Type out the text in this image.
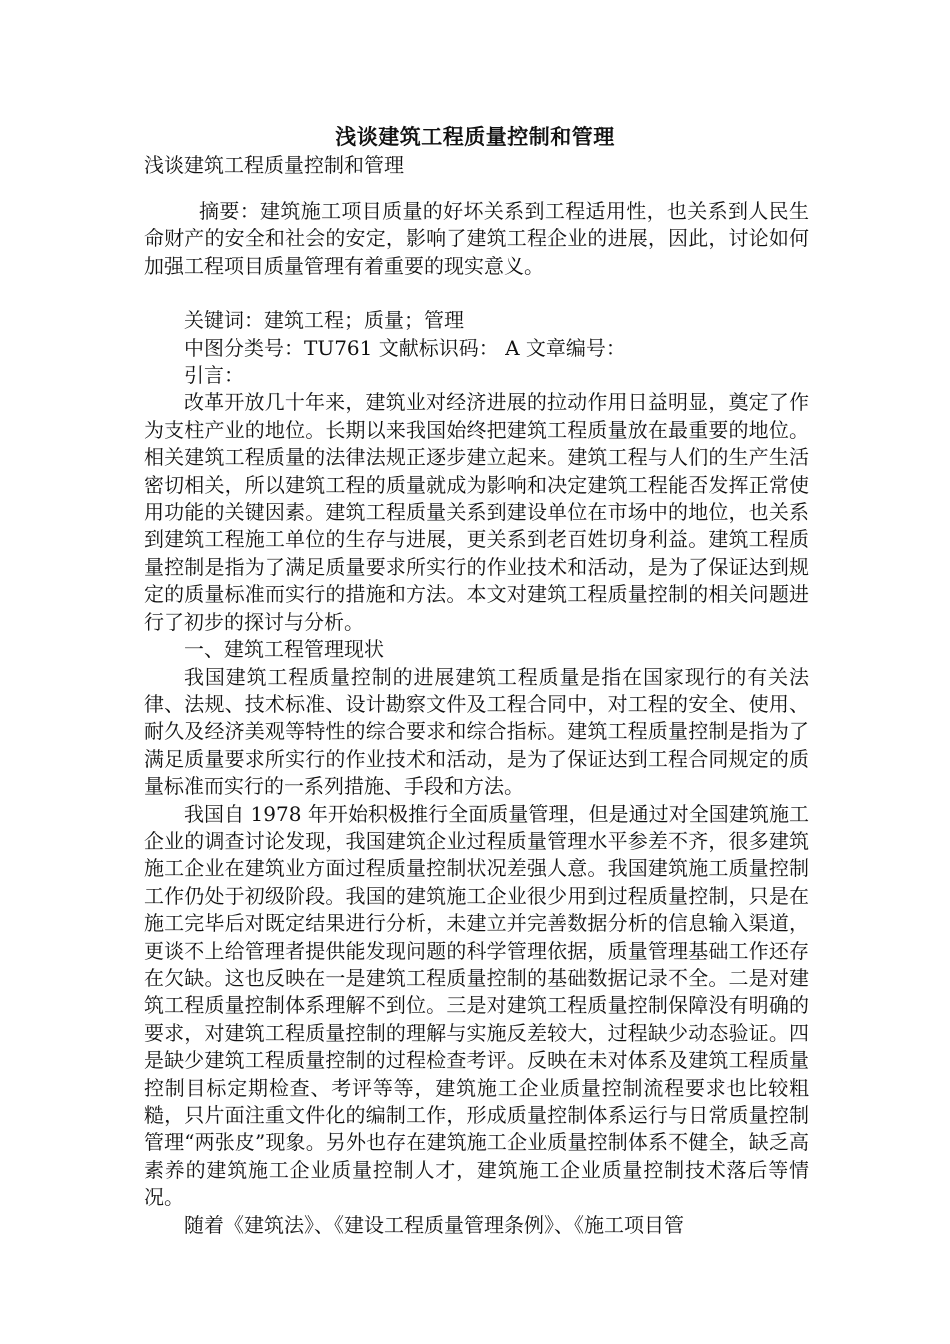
浅谈建筑工程质量控制和管理
浅谈建筑工程质量控制和管理

摘要：建筑施工项目质量的好坏关系到工程适用性，也关系到人民生命财产的安全和社会的安定，影响了建筑工程企业的进展，因此，讨论如何加强工程项目质量管理有着重要的现实意义。

关键词：建筑工程；质量；管理

中图分类号：TU761 文献标识码： A 文章编号：

引言：

改革开放几十年来，建筑业对经济进展的拉动作用日益明显，奠定了作为支柱产业的地位。长期以来我国始终把建筑工程质量放在最重要的地位。相关建筑工程质量的法律法规正逐步建立起来。建筑工程与人们的生产生活密切相关，所以建筑工程的质量就成为影响和决定建筑工程能否发挥正常使用功能的关键因素。建筑工程质量关系到建设单位在市场中的地位，也关系到建筑工程施工单位的生存与进展，更关系到老百姓切身利益。建筑工程质量控制是指为了满足质量要求所实行的作业技术和活动，是为了保证达到规定的质量标准而实行的措施和方法。本文对建筑工程质量控制的相关问题进行了初步的探讨与分析。

一、建筑工程管理现状

我国建筑工程质量控制的进展建筑工程质量是指在国家现行的有关法律、法规、技术标准、设计勘察文件及工程合同中，对工程的安全、使用、耐久及经济美观等特性的综合要求和综合指标。建筑工程质量控制是指为了满足质量要求所实行的作业技术和活动，是为了保证达到工程合同规定的质量标准而实行的一系列措施、手段和方法。

我国自 1978 年开始积极推行全面质量管理，但是通过对全国建筑施工企业的调查讨论发现，我国建筑企业过程质量管理水平参差不齐，很多建筑施工企业在建筑业方面过程质量控制状况差强人意。我国建筑施工质量控制工作仍处于初级阶段。我国的建筑施工企业很少用到过程质量控制，只是在施工完毕后对既定结果进行分析，未建立并完善数据分析的信息输入渠道，更谈不上给管理者提供能发现问题的科学管理依据，质量管理基础工作还存在欠缺。这也反映在一是建筑工程质量控制的基础数据记录不全。二是对建筑工程质量控制体系理解不到位。三是对建筑工程质量控制保障没有明确的要求，对建筑工程质量控制的理解与实施反差较大，过程缺少动态验证。四是缺少建筑工程质量控制的过程检查考评。反映在未对体系及建筑工程质量控制目标定期检查、考评等等，建筑施工企业质量控制流程要求也比较粗糙，只片面注重文件化的编制工作，形成质量控制体系运行与日常质量控制管理“两张皮”现象。另外也存在建筑施工企业质量控制体系不健全，缺乏高素养的建筑施工企业质量控制人才，建筑施工企业质量控制技术落后等情况。

随着《建筑法》、《建设工程质量管理条例》、《施工项目管
